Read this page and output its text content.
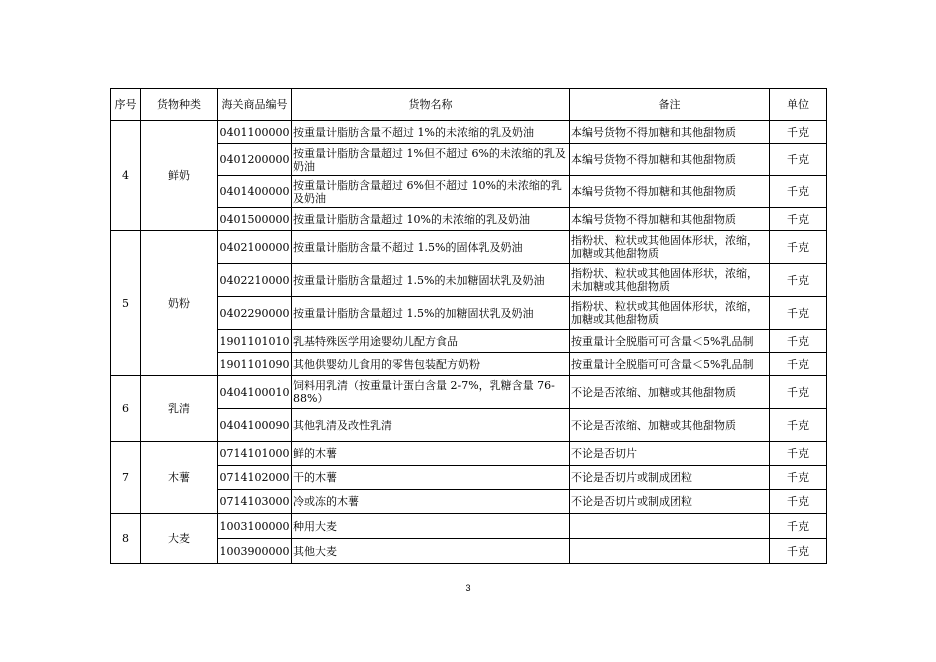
序号	货物种类	海关商品编号	货物名称	备注	单位
4	鲜奶	0401100000	按重量计脂肪含量不超过 1%的未浓缩的乳及奶油	本编号货物不得加糖和其他甜物质	千克
		0401200000	按重量计脂肪含量超过 1%但不超过 6%的未浓缩的乳及奶油	本编号货物不得加糖和其他甜物质	千克
		0401400000	按重量计脂肪含量超过 6%但不超过 10%的未浓缩的乳及奶油	本编号货物不得加糖和其他甜物质	千克
		0401500000	按重量计脂肪含量超过 10%的未浓缩的乳及奶油	本编号货物不得加糖和其他甜物质	千克
5	奶粉	0402100000	按重量计脂肪含量不超过 1.5%的固体乳及奶油	指粉状、粒状或其他固体形状，浓缩，加糖或其他甜物质	千克
		0402210000	按重量计脂肪含量超过 1.5%的未加糖固状乳及奶油	指粉状、粒状或其他固体形状，浓缩，未加糖或其他甜物质	千克
		0402290000	按重量计脂肪含量超过 1.5%的加糖固状乳及奶油	指粉状、粒状或其他固体形状，浓缩，加糖或其他甜物质	千克
		1901101010	乳基特殊医学用途婴幼儿配方食品	按重量计全脱脂可可含量＜5%乳品制	千克
		1901101090	其他供婴幼儿食用的零售包装配方奶粉	按重量计全脱脂可可含量＜5%乳品制	千克
6	乳清	0404100010	饲料用乳清（按重量计蛋白含量 2-7%，乳糖含量 76-88%）	不论是否浓缩、加糖或其他甜物质	千克
		0404100090	其他乳清及改性乳清	不论是否浓缩、加糖或其他甜物质	千克
7	木薯	0714101000	鲜的木薯	不论是否切片	千克
		0714102000	干的木薯	不论是否切片或制成团粒	千克
		0714103000	冷或冻的木薯	不论是否切片或制成团粒	千克
8	大麦	1003100000	种用大麦		千克
		1003900000	其他大麦		千克
3
